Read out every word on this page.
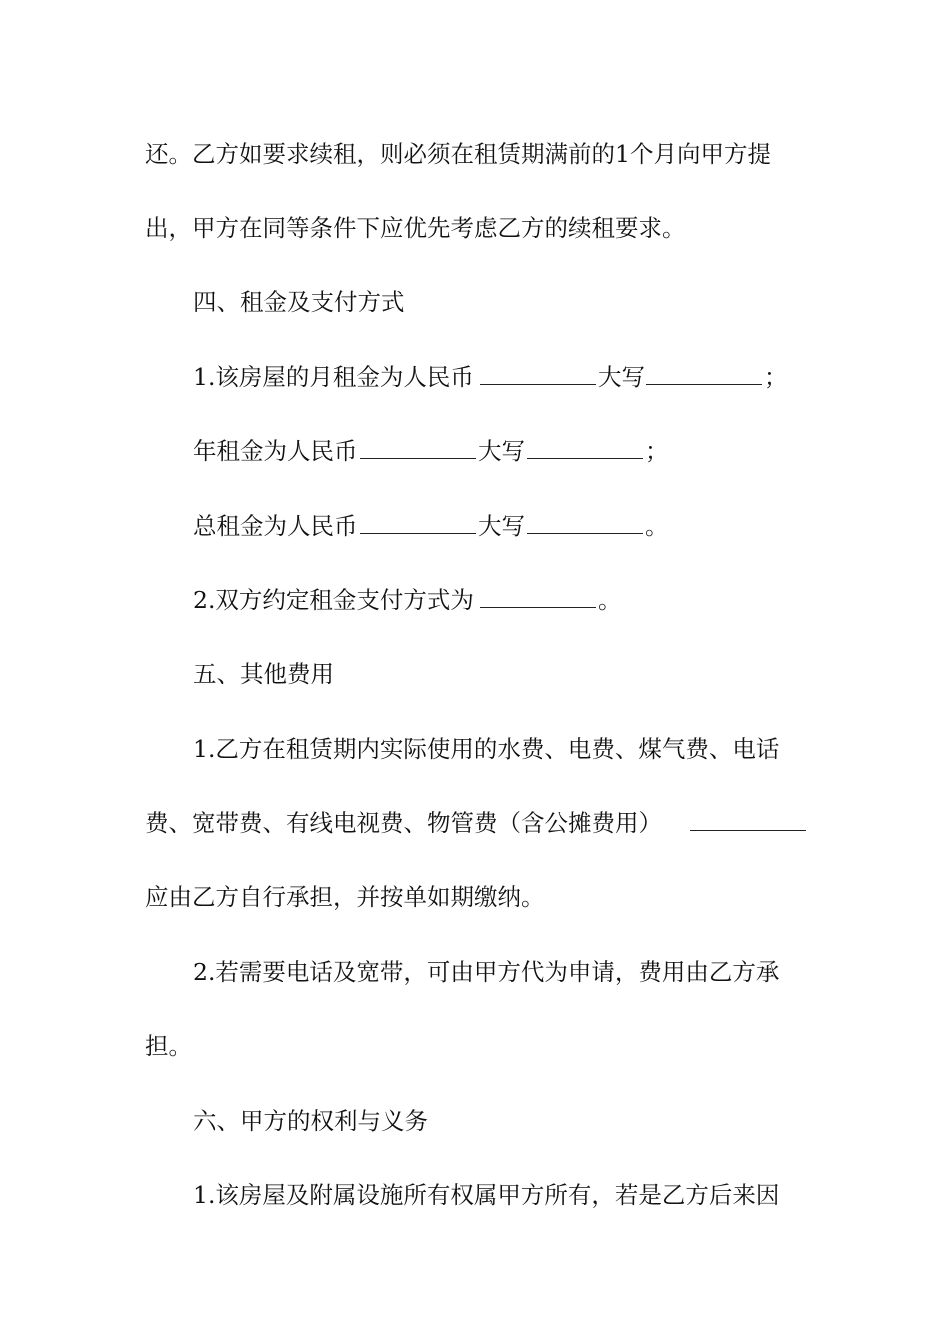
还。乙方如要求续租，则必须在租赁期满前的1个月向甲方提
出，甲方在同等条件下应优先考虑乙方的续租要求。
四、租金及支付方式
1.该房屋的月租金为人民币	大写	；
年租金为人民币	大写	；
总租金为人民币	大写	。
2.双方约定租金支付方式为	。
五、其他费用
1.乙方在租赁期内实际使用的水费、电费、煤气费、电话
费、宽带费、有线电视费、物管费（含公摊费用）
应由乙方自行承担，并按单如期缴纳。
2.若需要电话及宽带，可由甲方代为申请，费用由乙方承
担。
六、甲方的权利与义务
1.该房屋及附属设施所有权属甲方所有，若是乙方后来因
